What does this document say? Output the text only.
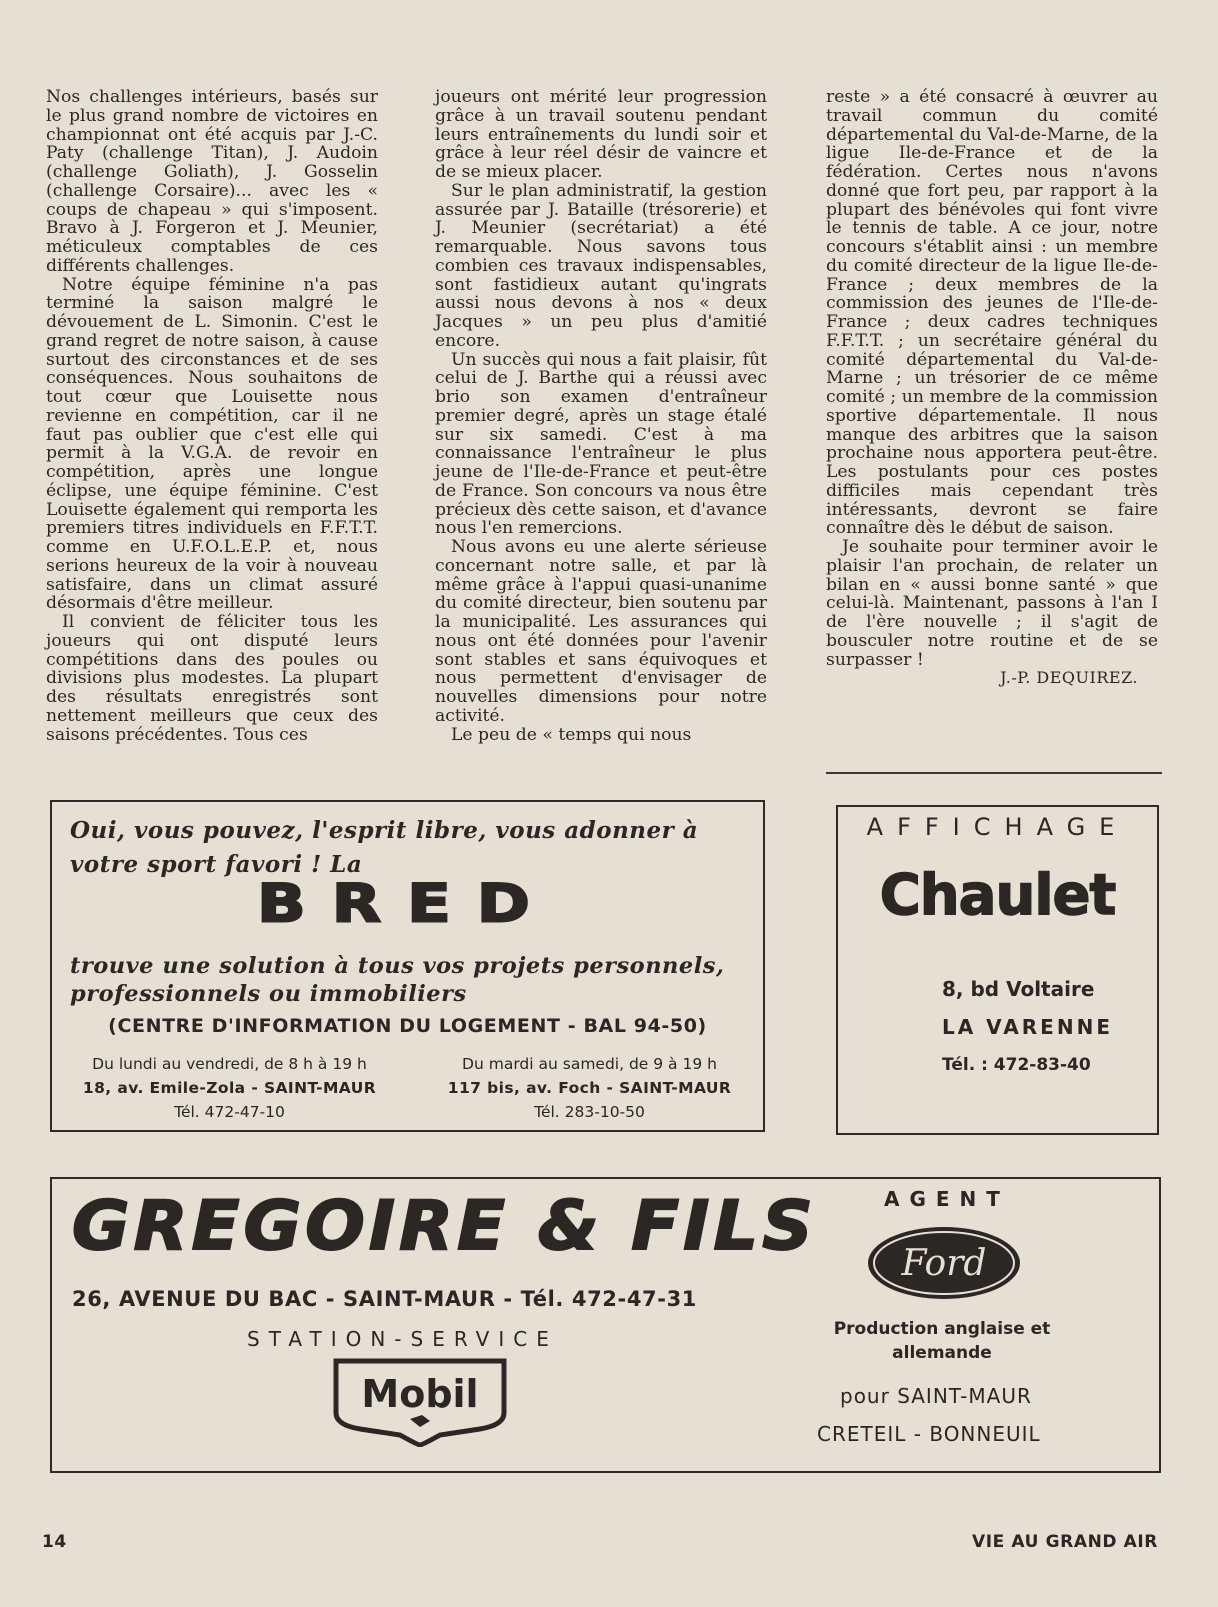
Nos challenges intérieurs, basés sur le plus grand nombre de victoires en championnat ont été acquis par J.-C. Paty (challenge Titan), J. Audoin (challenge Goliath), J. Gosselin (challenge Corsaire)... avec les « coups de chapeau » qui s'imposent. Bravo à J. Forgeron et J. Meunier, méticuleux comptables de ces différents challenges.

Notre équipe féminine n'a pas terminé la saison malgré le dévouement de L. Simonin. C'est le grand regret de notre saison, à cause surtout des circonstances et de ses conséquences. Nous souhaitons de tout cœur que Louisette nous revienne en compétition, car il ne faut pas oublier que c'est elle qui permit à la V.G.A. de revoir en compétition, après une longue éclipse, une équipe féminine. C'est Louisette également qui remporta les premiers titres individuels en F.F.T.T. comme en U.F.O.L.E.P. et, nous serions heureux de la voir à nouveau satisfaire, dans un climat assuré désormais d'être meilleur.

Il convient de féliciter tous les joueurs qui ont disputé leurs compétitions dans des poules ou divisions plus modestes. La plupart des résultats enregistrés sont nettement meilleurs que ceux des saisons précédentes. Tous ces

joueurs ont mérité leur progression grâce à un travail soutenu pendant leurs entraînements du lundi soir et grâce à leur réel désir de vaincre et de se mieux placer.

Sur le plan administratif, la gestion assurée par J. Bataille (trésorerie) et J. Meunier (secrétariat) a été remarquable. Nous savons tous combien ces travaux indispensables, sont fastidieux autant qu'ingrats aussi nous devons à nos « deux Jacques » un peu plus d'amitié encore.

Un succès qui nous a fait plaisir, fût celui de J. Barthe qui a réussi avec brio son examen d'entraîneur premier degré, après un stage étalé sur six samedi. C'est à ma connaissance l'entraîneur le plus jeune de l'Ile-de-France et peut-être de France. Son concours va nous être précieux dès cette saison, et d'avance nous l'en remercions.

Nous avons eu une alerte sérieuse concernant notre salle, et par là même grâce à l'appui quasi-unanime du comité directeur, bien soutenu par la municipalité. Les assurances qui nous ont été données pour l'avenir sont stables et sans équivoques et nous permettent d'envisager de nouvelles dimensions pour notre activité.

Le peu de « temps qui nous

reste » a été consacré à œuvrer au travail commun du comité départemental du Val-de-Marne, de la ligue Ile-de-France et de la fédération. Certes nous n'avons donné que fort peu, par rapport à la plupart des bénévoles qui font vivre le tennis de table. A ce jour, notre concours s'établit ainsi : un membre du comité directeur de la ligue Ile-de-France ; deux membres de la commission des jeunes de l'Ile-de-France ; deux cadres techniques F.F.T.T. ; un secrétaire général du comité départemental du Val-de-Marne ; un trésorier de ce même comité ; un membre de la commission sportive départementale. Il nous manque des arbitres que la saison prochaine nous apportera peut-être. Les postulants pour ces postes difficiles mais cependant très intéressants, devront se faire connaître dès le début de saison.

Je souhaite pour terminer avoir le plaisir l'an prochain, de relater un bilan en « aussi bonne santé » que celui-là. Maintenant, passons à l'an I de l'ère nouvelle ; il s'agit de bousculer notre routine et de se surpasser !

J.-P. DEQUIREZ.

Oui, vous pouvez, l'esprit libre, vous adonner à votre sport favori ! La
BRED
trouve une solution à tous vos projets personnels, professionnels ou immobiliers
(CENTRE D'INFORMATION DU LOGEMENT - BAL 94-50)
Du lundi au vendredi, de 8 h à 19 h
18, av. Emile-Zola - SAINT-MAUR
Tél. 472-47-10
Du mardi au samedi, de 9 à 19 h
117 bis, av. Foch - SAINT-MAUR
Tél. 283-10-50
AFFICHAGE
Chaulet
8, bd Voltaire
LA VARENNE
Tél. : 472-83-40
GREGOIRE & FILS
26, AVENUE DU BAC - SAINT-MAUR - Tél. 472-47-31
STATION-SERVICE
Mobil
AGENT
Ford
Production anglaise et allemande
pour SAINT-MAUR
CRETEIL - BONNEUIL
14	VIE AU GRAND AIR
